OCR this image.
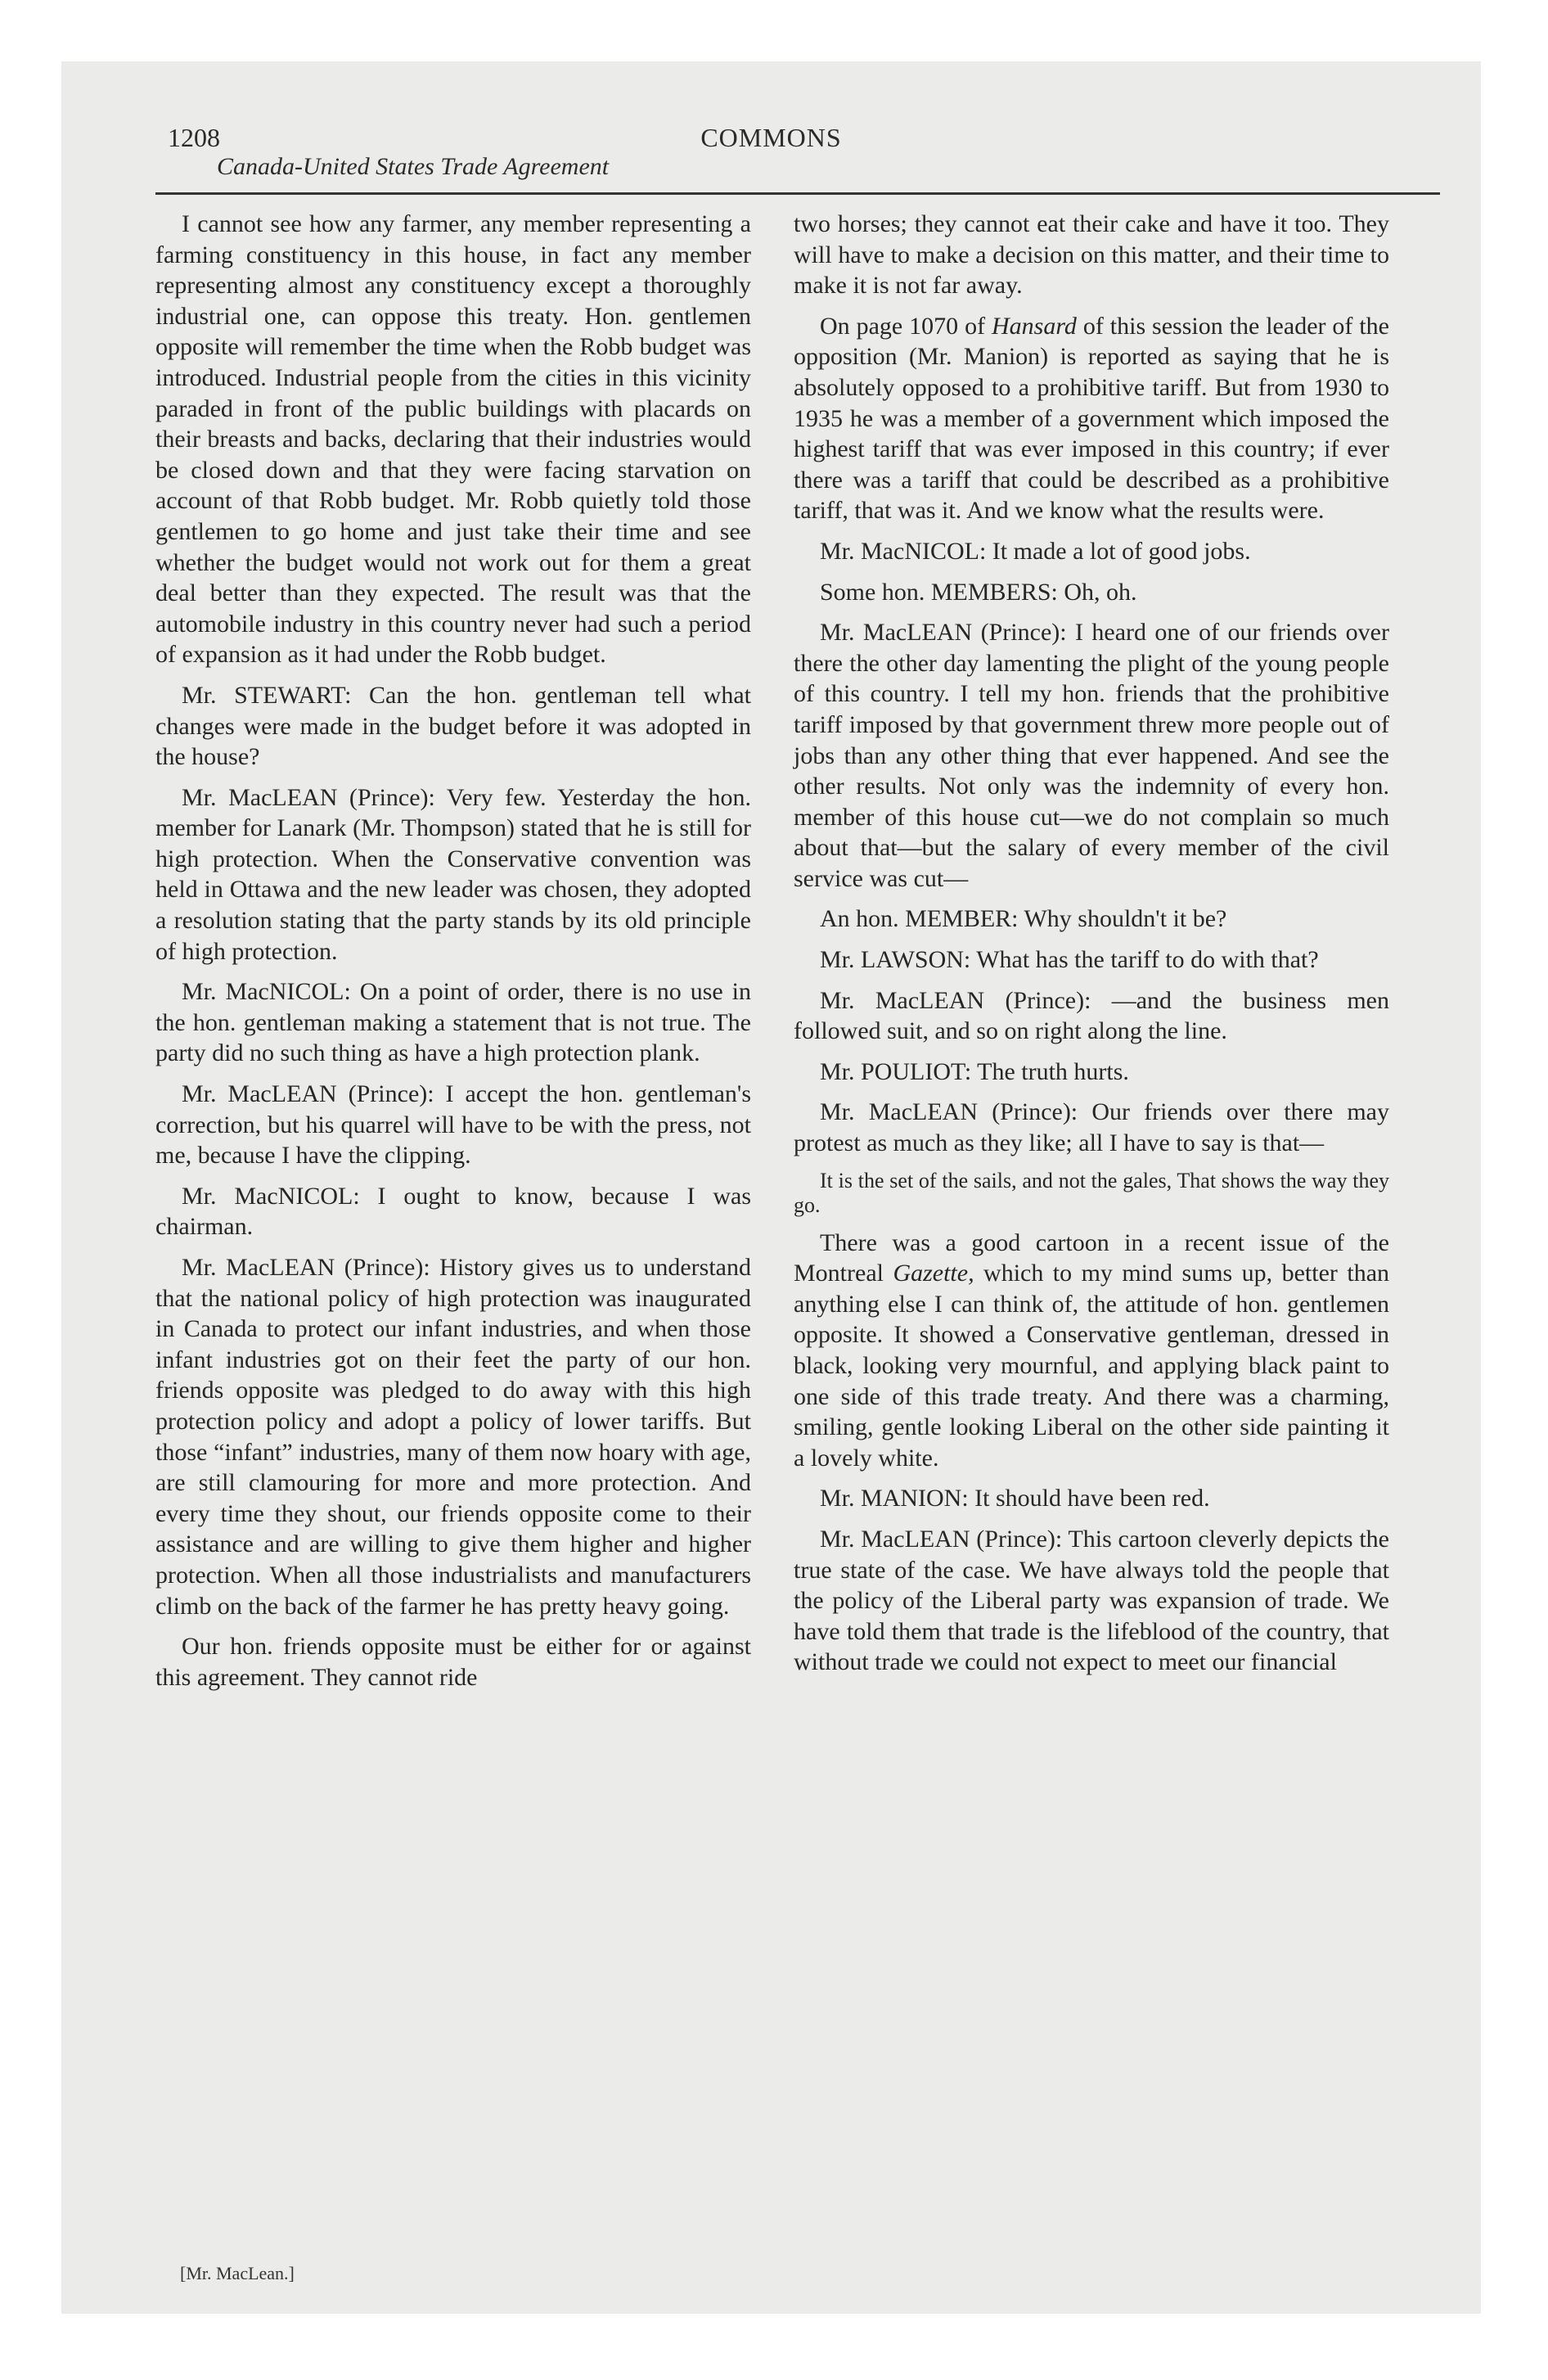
1208	COMMONS
Canada-United States Trade Agreement

I cannot see how any farmer, any member representing a farming constituency in this house, in fact any member representing almost any constituency except a thoroughly industrial one, can oppose this treaty. Hon. gentlemen opposite will remember the time when the Robb budget was introduced. Industrial people from the cities in this vicinity paraded in front of the public buildings with placards on their breasts and backs, declaring that their industries would be closed down and that they were facing starvation on account of that Robb budget. Mr. Robb quietly told those gentlemen to go home and just take their time and see whether the budget would not work out for them a great deal better than they expected. The result was that the automobile industry in this country never had such a period of expansion as it had under the Robb budget.

Mr. STEWART: Can the hon. gentleman tell what changes were made in the budget before it was adopted in the house?

Mr. MacLEAN (Prince): Very few. Yesterday the hon. member for Lanark (Mr. Thompson) stated that he is still for high protection. When the Conservative convention was held in Ottawa and the new leader was chosen, they adopted a resolution stating that the party stands by its old principle of high protection.

Mr. MacNICOL: On a point of order, there is no use in the hon. gentleman making a statement that is not true. The party did no such thing as have a high protection plank.

Mr. MacLEAN (Prince): I accept the hon. gentleman's correction, but his quarrel will have to be with the press, not me, because I have the clipping.

Mr. MacNICOL: I ought to know, because I was chairman.

Mr. MacLEAN (Prince): History gives us to understand that the national policy of high protection was inaugurated in Canada to protect our infant industries, and when those infant industries got on their feet the party of our hon. friends opposite was pledged to do away with this high protection policy and adopt a policy of lower tariffs. But those “infant” industries, many of them now hoary with age, are still clamouring for more and more protection. And every time they shout, our friends opposite come to their assistance and are willing to give them higher and higher protection. When all those industrialists and manufacturers climb on the back of the farmer he has pretty heavy going.

Our hon. friends opposite must be either for or against this agreement. They cannot ride

two horses; they cannot eat their cake and have it too. They will have to make a decision on this matter, and their time to make it is not far away.

On page 1070 of Hansard of this session the leader of the opposition (Mr. Manion) is reported as saying that he is absolutely opposed to a prohibitive tariff. But from 1930 to 1935 he was a member of a government which imposed the highest tariff that was ever imposed in this country; if ever there was a tariff that could be described as a prohibitive tariff, that was it. And we know what the results were.

Mr. MacNICOL: It made a lot of good jobs.

Some hon. MEMBERS: Oh, oh.

Mr. MacLEAN (Prince): I heard one of our friends over there the other day lamenting the plight of the young people of this country. I tell my hon. friends that the prohibitive tariff imposed by that government threw more people out of jobs than any other thing that ever happened. And see the other results. Not only was the indemnity of every hon. member of this house cut—we do not complain so much about that—but the salary of every member of the civil service was cut—

An hon. MEMBER: Why shouldn't it be?

Mr. LAWSON: What has the tariff to do with that?

Mr. MacLEAN (Prince): —and the business men followed suit, and so on right along the line.

Mr. POULIOT: The truth hurts.

Mr. MacLEAN (Prince): Our friends over there may protest as much as they like; all I have to say is that—

It is the set of the sails, and not the gales, That shows the way they go.

There was a good cartoon in a recent issue of the Montreal Gazette, which to my mind sums up, better than anything else I can think of, the attitude of hon. gentlemen opposite. It showed a Conservative gentleman, dressed in black, looking very mournful, and applying black paint to one side of this trade treaty. And there was a charming, smiling, gentle looking Liberal on the other side painting it a lovely white.

Mr. MANION: It should have been red.

Mr. MacLEAN (Prince): This cartoon cleverly depicts the true state of the case. We have always told the people that the policy of the Liberal party was expansion of trade. We have told them that trade is the lifeblood of the country, that without trade we could not expect to meet our financial

[Mr. MacLean.]
